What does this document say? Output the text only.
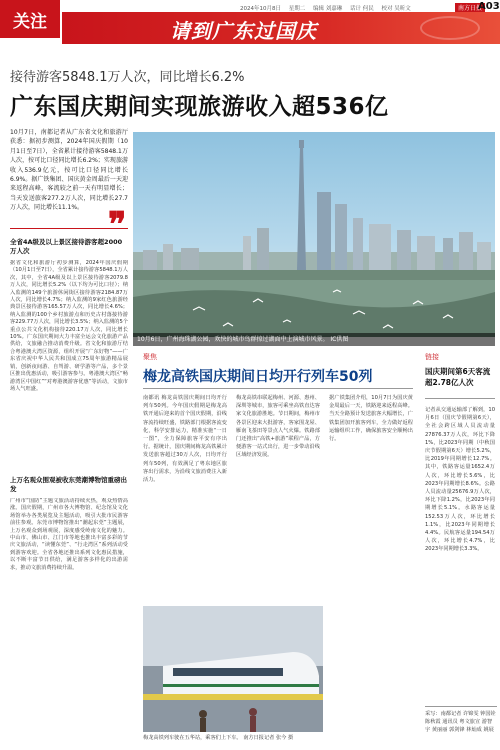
关注
2024年10月8日 星期二 编辑 刘嘉琳 话计 何民 校对 吴昕文	南方日报
A03
请到广东过国庆
接待游客5848.1万人次，同比增长6.2%
广东国庆期间实现旅游收入超536亿
10月7日，南都记者从广东省文化和旅游厅获悉：据初步测算，2024年国庆假期（10月1日至7日），全省累计接待游客5848.1万人次，按可比口径同比增长6.2%；实现旅游收入536.9亿元，按可比口径同比增长6.9%。据广铁集团、国庆黄金周最后一天迎来返程高峰，客流较之前一天有明显增长；当天发送旅客277.2万人次，同比增长27.7万人次，同比增长11.1%。 ❞
全省4A级及以上景区接待游客超2000万人次
据省文化和旅游厅初步测算，2024年国庆假期（10月1日至7日），全省累计接待游客5848.1万人次，其中，全省4A级及以上景区接待游客2079.8万人次，同比增长5.2%（以下均为可比口径）；纳入监测的149个旅游休闲街区接待游客2184.87万人次，同比增长4.7%；纳入监测的9家红色旅游经典景区接待游客165.57万人次，同比增长4.6%；纳入监测的100个乡村旅游点和历史古村落接待游客229.77万人次，同比增长3.5%；纳入监测的5个重点公共文化机构接待220.17万人次，同比增长10%。广东国庆期间大力丰富全运会文化旅游产品供给，文旅融合推动消费升级。省文化和旅游厅结合粤港澳大湾区资源，组织开展“广东好物”——广东省庆祝中华人民共和国成立75周年旅游精品展销，创新夜间游、自驾游、研学游等产品，多个景区推出优惠活动，吸引游客参与。粤港澳大湾区“畅游湾区中国红”“对粤港澳游客优惠”等活动，文旅市场人气旺盛。
上万名观众围观被收东莞潮博物馆重磅出发
广州市“国防”主题文旅活动持续火热，观众热情高涨。国庆假期，广州市各大博物馆、纪念馆及文化场馆举办各类展览及主题活动，吸引大批市民游客前往参观。东莞市博物馆推出“潮起东莞”主题展，上万名观众到场观展，深度感受岭南文化的魅力。中山市、佛山市、江门市等地也推出丰富多彩的节庆文旅活动，“读懂东莞”、“行走湾区”系列活动受到游客欢迎。全省各地还推出系列文化惠民措施，以不断丰富节日供给，满足游客多样化的出游需求，推动文旅消费持续升温。
10月6日，广州海珠湖公园，欢快的城市鸟群掠过湖面中上演城市风景。 IC供图
聚焦
梅龙高铁国庆期间日均开行列车50列
南都讯 梅龙高铁国庆期间日均开行列车50列。今年国庆假期是梅龙高铁开通后迎来的首个国庆假期，沿线客流持续旺盛，铁路部门根据客流变化，科学安排运力，精准实施“一日一图”，全力保障旅客平安有序出行。据统计，国庆期间梅龙高铁累计发送旅客超过30万人次，日均开行列车50列，有效满足了粤东地区旅客出行需求，为沿线文旅消费注入新活力。
梅龙高铁串联起梅州、河源、惠州、深圳等城市，旅客可乘坐高铁直达客家文化旅游胜地。节日期间，梅州市各景区迎来大批游客，客家围龙屋、雁南飞茶田等景点人气火爆。铁路部门还推出“高铁+旅游”联程产品，方便游客一站式出行，进一步带动沿线区域经济发展。
据广铁集团介绍，10月7日为国庆黄金周最后一天，铁路迎来返程高峰。当天全路预计发送旅客大幅增长，广铁集团加开旅客列车，全力做好返程运输组织工作，确保旅客安全顺畅出行。
梅龙高铁列车驶在五华站，乘客们上下车。 南方日报记者 张今 摄
链接
国庆期间第6天客流超2.78亿人次
记者从交通运输部了解到，10月6日（国庆节假期第6天），全社会跨区域人员流动量27876.37万人次，环比下降1%，比2023年同期（中秋国庆节假期第6天）增长5.2%，比2019年同期增长12.7%。其中，铁路客运量1652.4万人次，环比增长5.6%，比2023年同期增长8.6%。公路人员流动量25676.9万人次，环比下降1.2%，比2023年同期增长5.1%。水路客运量152.53万人次，环比增长1.1%，比2023年同期增长4.4%。民航客运量194.54万人次，环比增长4.7%，比2023年同期增长3.3%。
采写：南都记者 许锦雯 钟国铨 陈秋霞 通讯员 粤文旅宣 游智宇 黄丽丽 郭剑锋 林灿成 姚展
